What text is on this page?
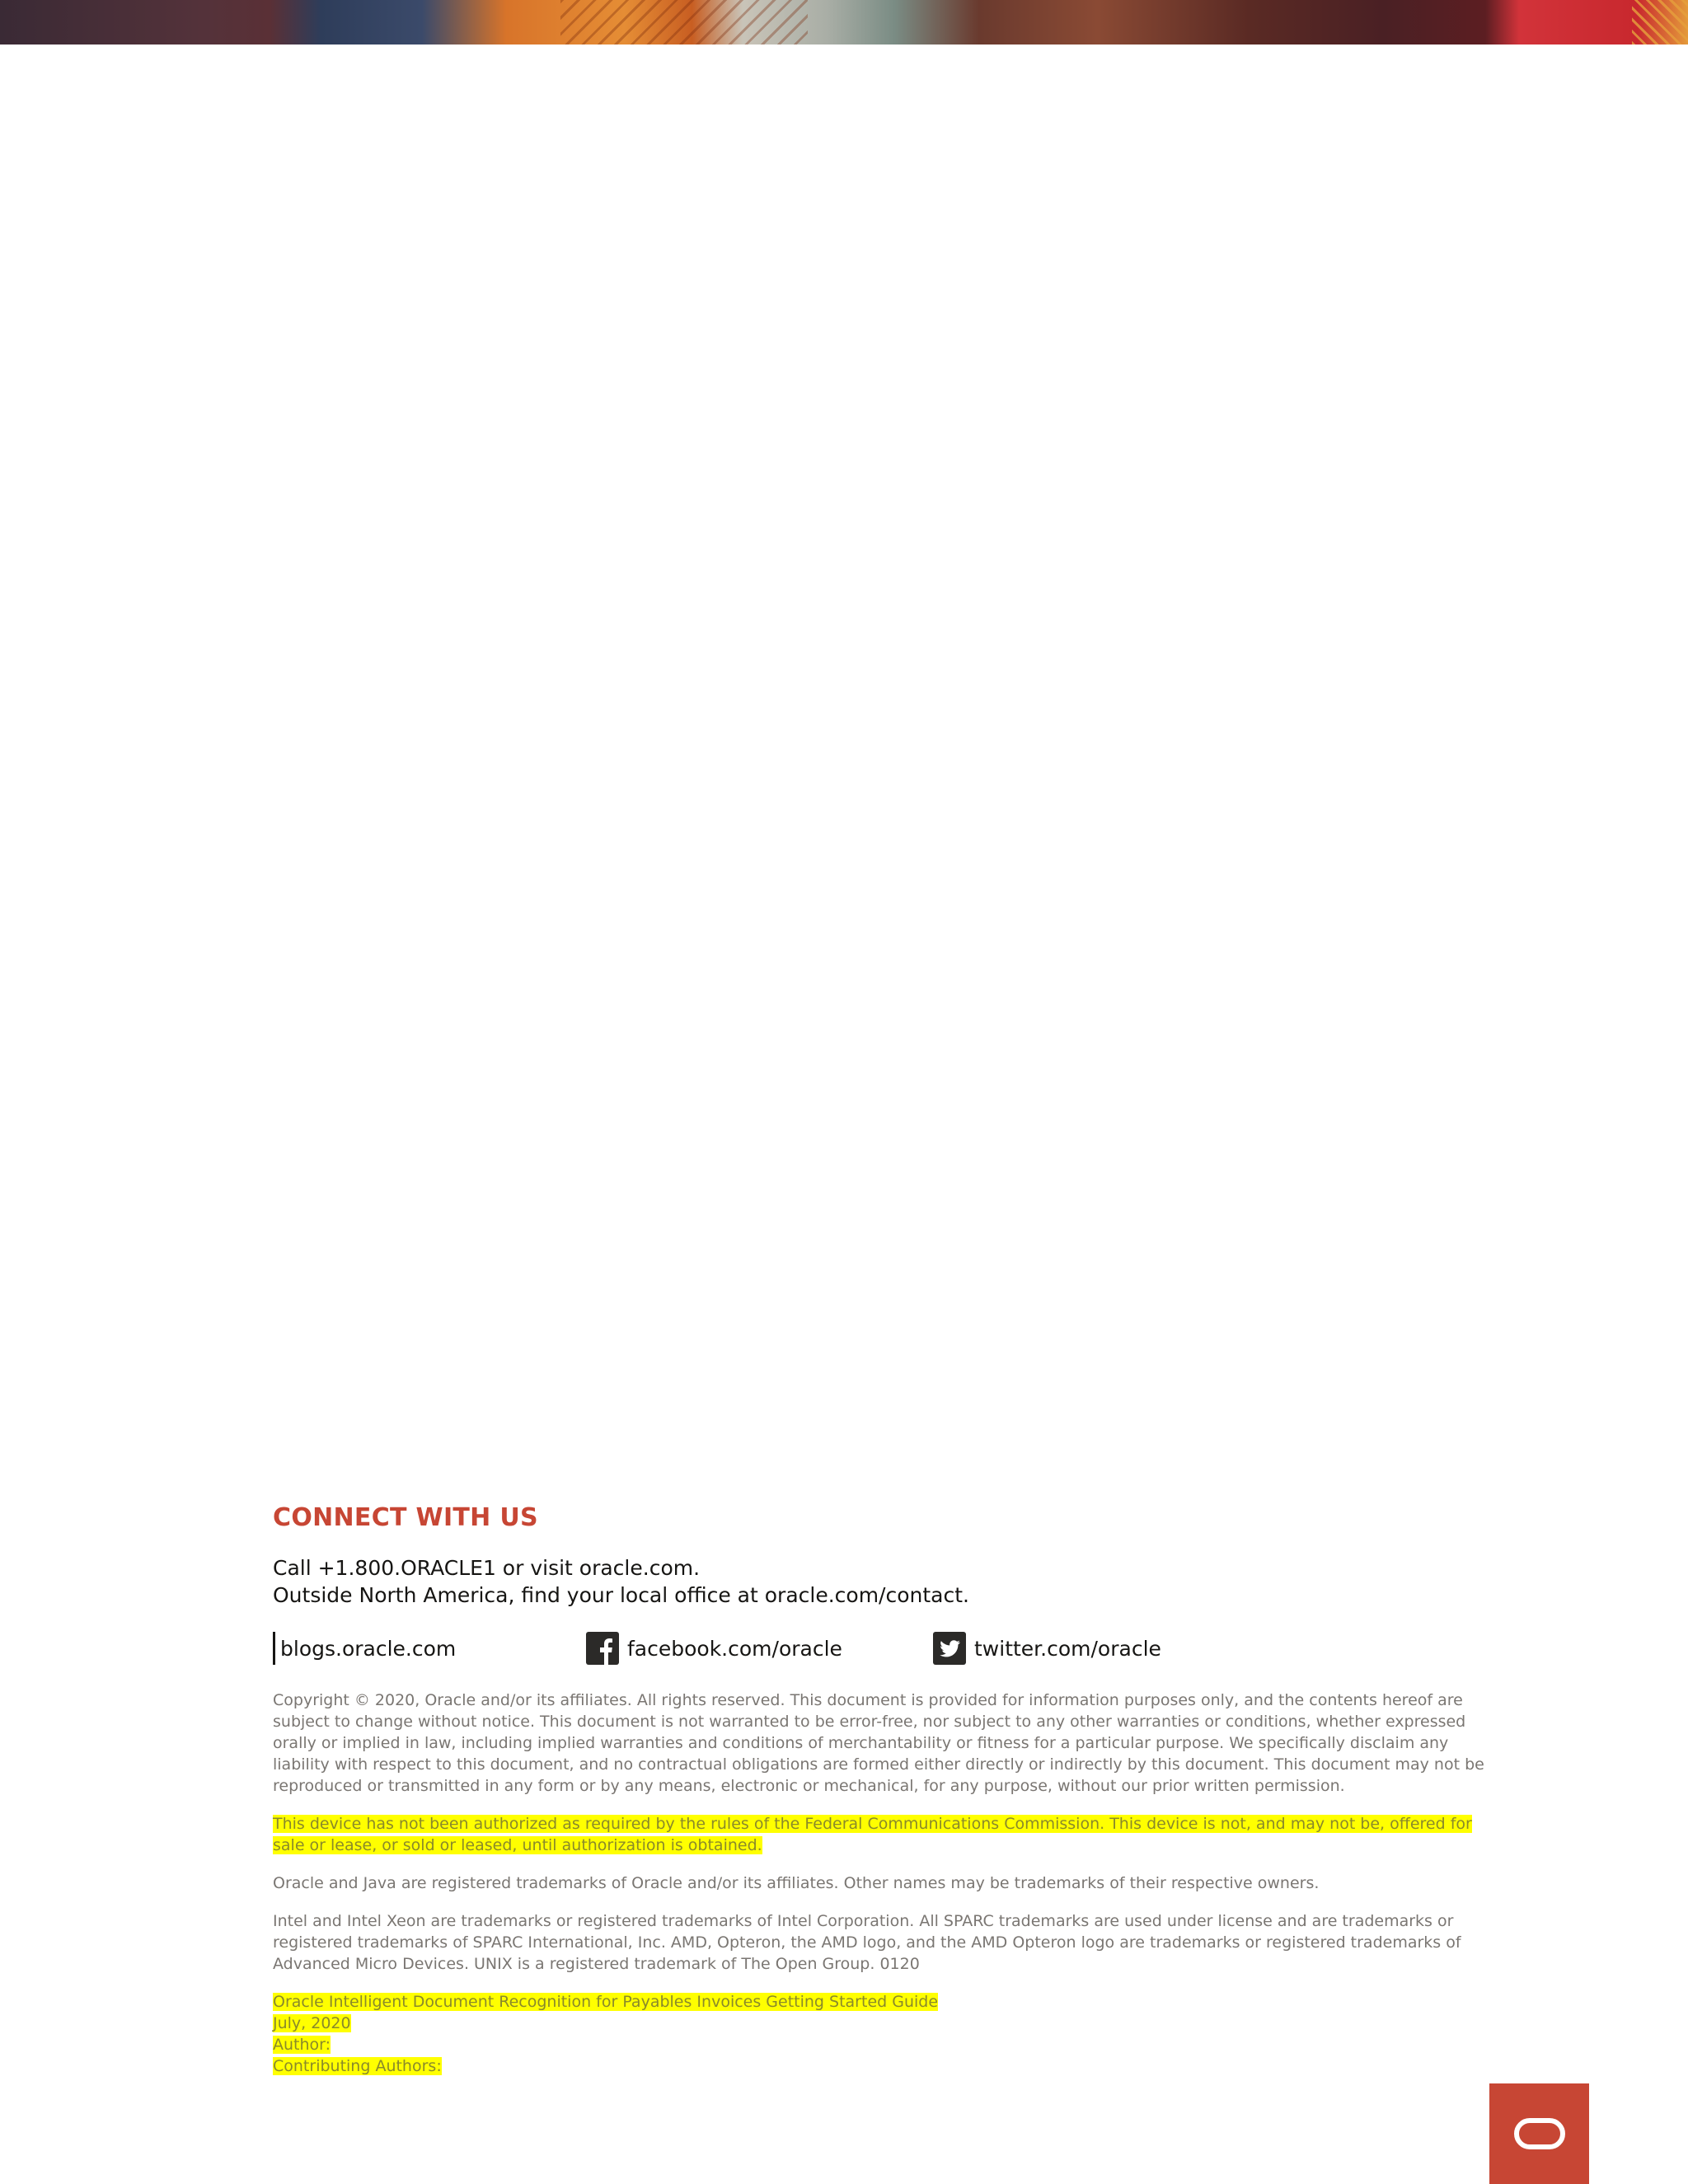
CONNECT WITH US
Call +1.800.ORACLE1 or visit oracle.com.
Outside North America, find your local office at oracle.com/contact.
blogs.oracle.com	facebook.com/oracle	twitter.com/oracle

Copyright © 2020, Oracle and/or its affiliates. All rights reserved. This document is provided for information purposes only, and the contents hereof are subject to change without notice. This document is not warranted to be error-free, nor subject to any other warranties or conditions, whether expressed orally or implied in law, including implied warranties and conditions of merchantability or fitness for a particular purpose. We specifically disclaim any liability with respect to this document, and no contractual obligations are formed either directly or indirectly by this document. This document may not be reproduced or transmitted in any form or by any means, electronic or mechanical, for any purpose, without our prior written permission.

This device has not been authorized as required by the rules of the Federal Communications Commission. This device is not, and may not be, offered for sale or lease, or sold or leased, until authorization is obtained.

Oracle and Java are registered trademarks of Oracle and/or its affiliates. Other names may be trademarks of their respective owners.

Intel and Intel Xeon are trademarks or registered trademarks of Intel Corporation. All SPARC trademarks are used under license and are trademarks or registered trademarks of SPARC International, Inc. AMD, Opteron, the AMD logo, and the AMD Opteron logo are trademarks or registered trademarks of Advanced Micro Devices. UNIX is a registered trademark of The Open Group. 0120

Oracle Intelligent Document Recognition for Payables Invoices Getting Started Guide
July, 2020
Author:
Contributing Authors:
